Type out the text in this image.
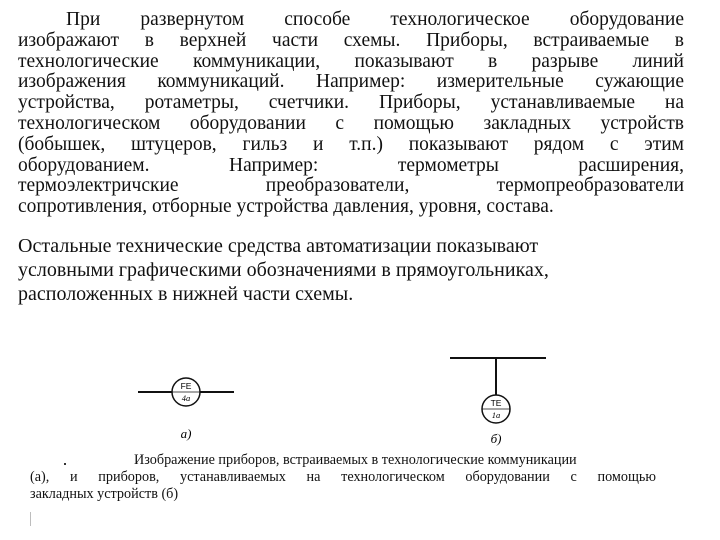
При развернутом способе технологическое оборудование
изображают в верхней части схемы. Приборы, встраиваемые в
технологические коммуникации, показывают в разрыве линий
изображения коммуникаций. Например: измерительные сужающие
устройства, ротаметры, счетчики. Приборы, устанавливаемые на
технологическом оборудовании с помощью закладных устройств
(бобышек, штуцеров, гильз и т.п.) показывают рядом с этим
оборудованием. Например: термометры расширения,
термоэлектричские преобразователи, термопреобразователи
сопротивления, отборные устройства давления, уровня, состава.
Остальные технические средства автоматизации показывают
условными графическими обозначениями в прямоугольниках,
расположенных в нижней части схемы.
FE
4a
а)
TE
1a
б)
Изображение приборов, встраиваемых в технологические коммуникации
(а), и приборов, устанавливаемых на технологическом оборудовании с помощью
закладных устройств (б)
